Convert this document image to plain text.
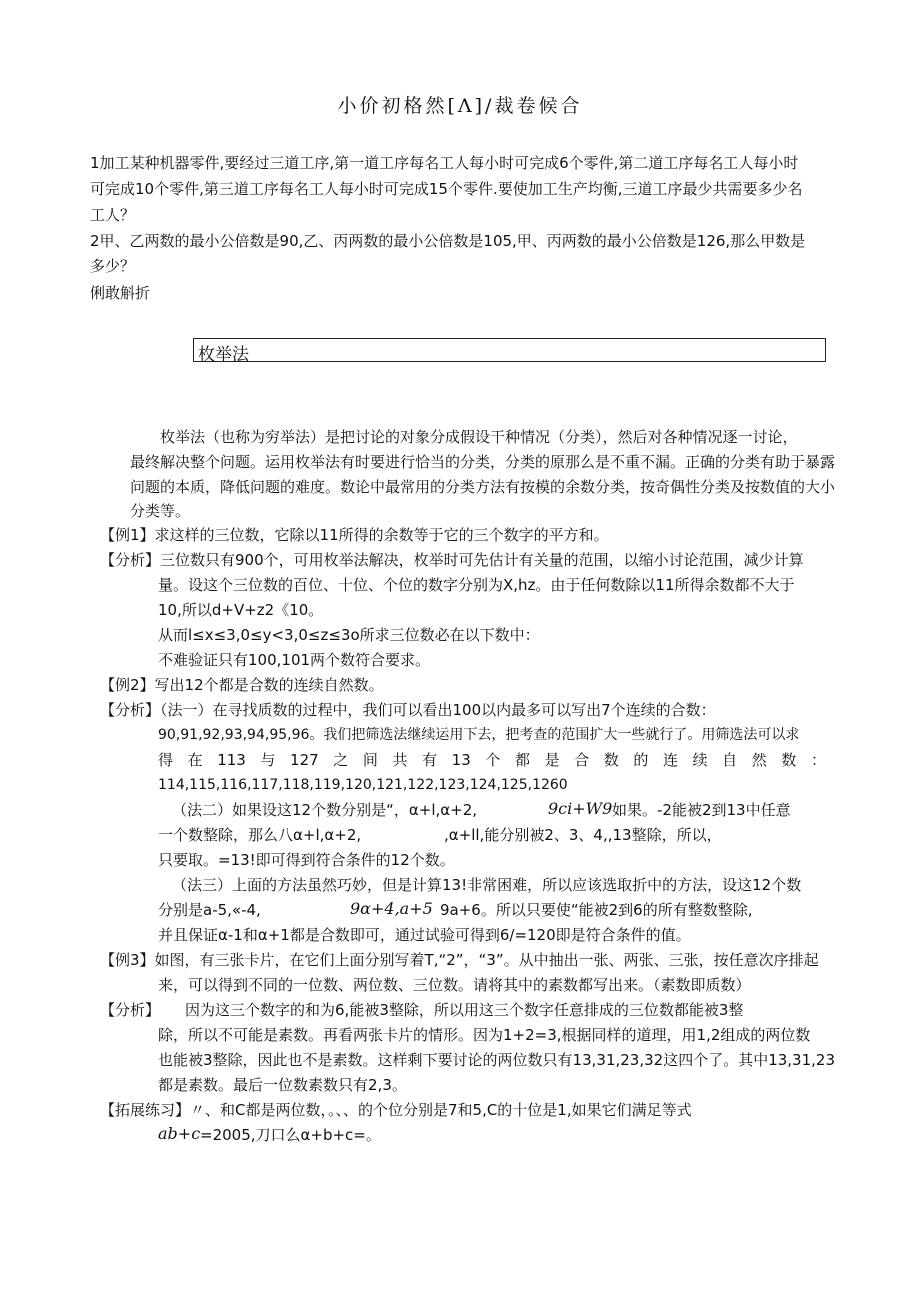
小价初格然[Λ]/裁卷候合
1加工某种机器零件,要经过三道工序,第一道工序每名工人每小时可完成6个零件,第二道工序每名工人每小时
可完成10个零件,第三道工序每名工人每小时可完成15个零件.要使加工生产均衡,三道工序最少共需要多少名
工人？
2甲、乙两数的最小公倍数是90,乙、丙两数的最小公倍数是105,甲、丙两数的最小公倍数是126,那么甲数是
多少？
俐敢斛折
枚举法
枚举法（也称为穷举法）是把讨论的对象分成假设干种情况（分类），然后对各种情况逐一讨论，
最终解决整个问题。运用枚举法有时要进行恰当的分类，分类的原那么是不重不漏。正确的分类有助于暴露
问题的本质，降低问题的难度。数论中最常用的分类方法有按模的余数分类，按奇偶性分类及按数值的大小
分类等。
【例1】求这样的三位数，它除以11所得的余数等于它的三个数字的平方和。
【分析】三位数只有900个，可用枚举法解决，枚举时可先估计有关量的范围，以缩小讨论范围，减少计算
量。设这个三位数的百位、十位、个位的数字分别为X,hz。由于任何数除以11所得余数都不大于
10,所以d+V+z2《10。
从而l≤x≤3,0≤y<3,0≤z≤3o所求三位数必在以下数中：
不难验证只有100,101两个数符合要求。
【例2】写出12个都是合数的连续自然数。
【分析】（法一）在寻找质数的过程中，我们可以看出100以内最多可以写出7个连续的合数：
90,91,92,93,94,95,96。我们把筛选法继续运用下去，把考查的范围扩大一些就行了。用筛选法可以求
得在113与127之间共有13个都是合数的连续自然数：
114,115,116,117,118,119,120,121,122,123,124,125,1260
（法二）如果设这12个数分别是“，α+l,α+2,	9ci+W9 如果。-2能被2到13中任意
一个数整除，那么八α+l,α+2,	,α+ll,能分别被2、3、4,,13整除，所以，
只要取。=13!即可得到符合条件的12个数。
（法三）上面的方法虽然巧妙，但是计算13!非常困难，所以应该选取折中的方法，设这12个数
分别是a-5,«-4,	9α+4,a+5 9a+6。所以只要使“能被2到6的所有整数整除,
并且保证α-1和α+1都是合数即可，通过试验可得到6/=120即是符合条件的值。
【例3】如图，有三张卡片，在它们上面分别写着T,“2”，“3”。从中抽出一张、两张、三张，按任意次序排起
来，可以得到不同的一位数、两位数、三位数。请将其中的素数都写出来。（素数即质数）
【分析】 因为这三个数字的和为6,能被3整除，所以用这三个数字任意排成的三位数都能被3整
除，所以不可能是素数。再看两张卡片的情形。因为1+2=3,根据同样的道理，用1,2组成的两位数
也能被3整除，因此也不是素数。这样剩下要讨论的两位数只有13,31,23,32这四个了。其中13,31,23
都是素数。最后一位数素数只有2,3。
【拓展练习】〃、和C都是两位数，。、、的个位分别是7和5,C的十位是1,如果它们满足等式
ab+c =2005,刀口么α+b+c=。
